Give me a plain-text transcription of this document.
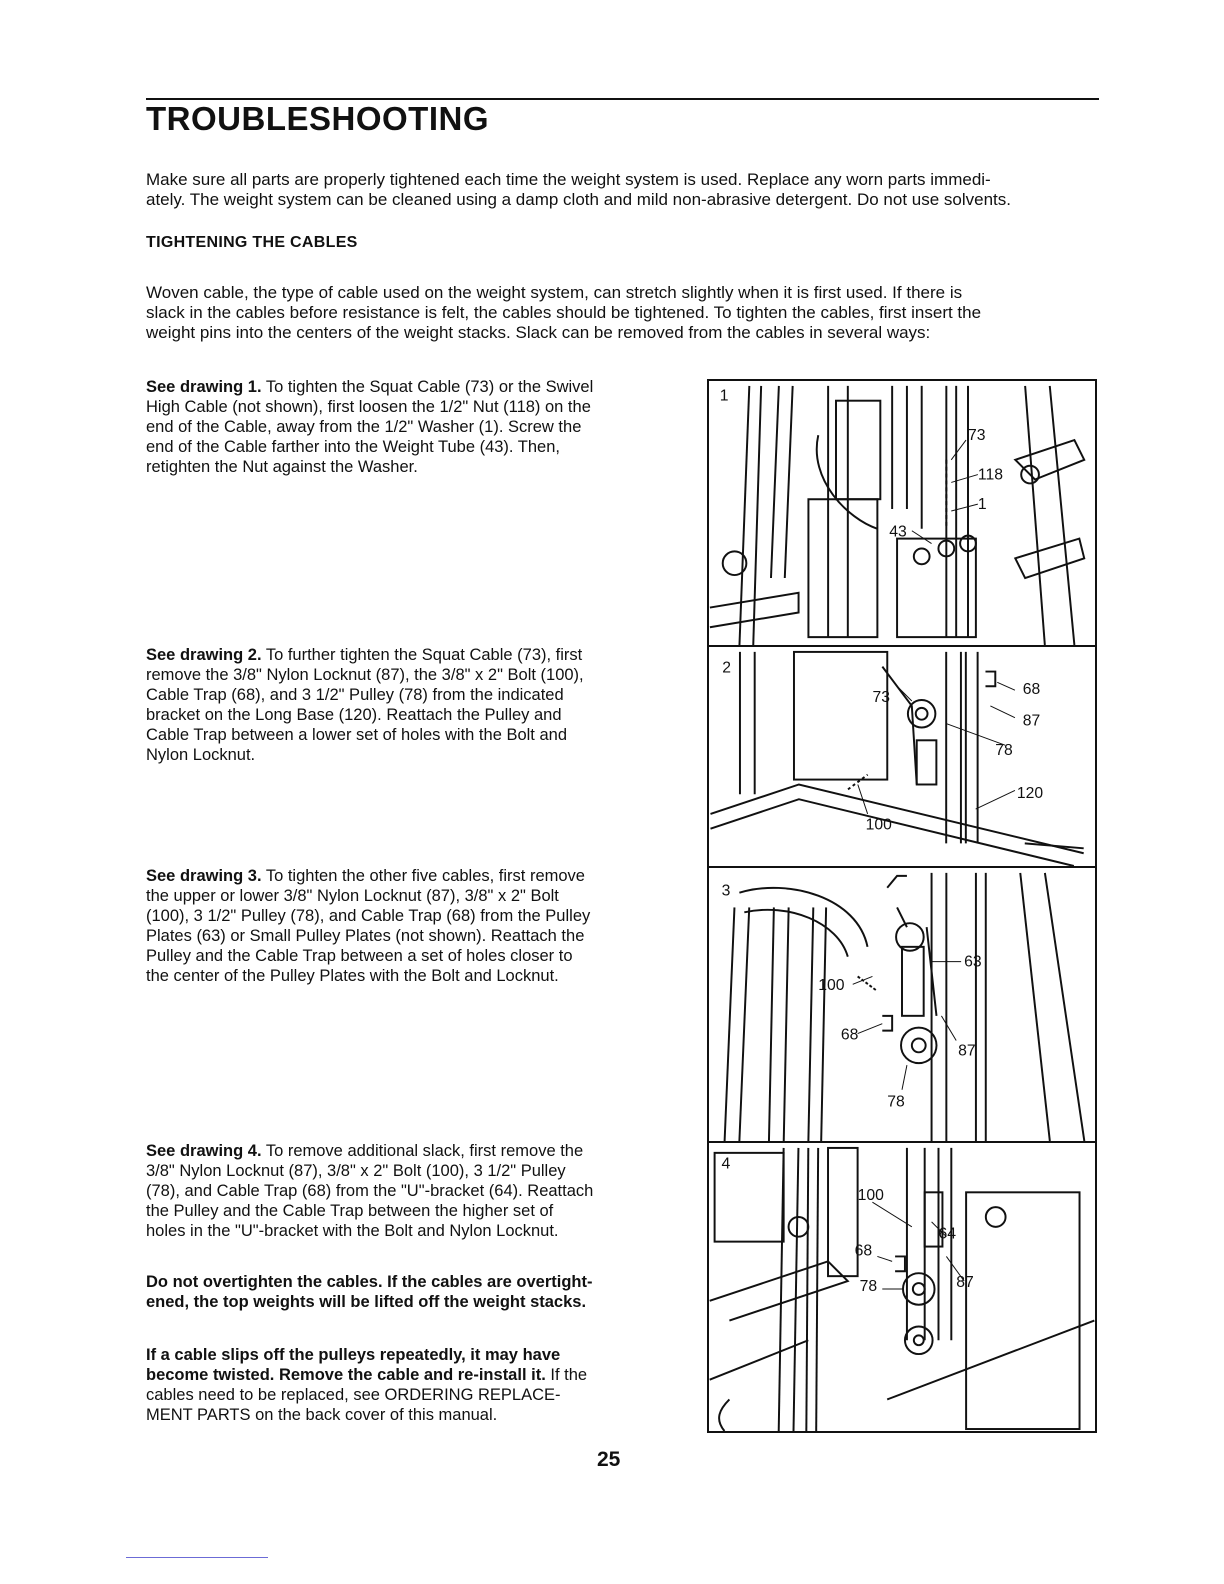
TROUBLESHOOTING

Make sure all parts are properly tightened each time the weight system is used. Replace any worn parts immedi-

ately. The weight system can be cleaned using a damp cloth and mild non-abrasive detergent. Do not use solvents.

TIGHTENING THE CABLES

Woven cable, the type of cable used on the weight system, can stretch slightly when it is first used. If there is

slack in the cables before resistance is felt, the cables should be tightened. To tighten the cables, first insert the

weight pins into the centers of the weight stacks. Slack can be removed from the cables in several ways:

See drawing 1. To tighten the Squat Cable (73) or the Swivel
High Cable (not shown), first loosen the 1/2" Nut (118) on the
end of the Cable, away from the 1/2" Washer (1). Screw the
end of the Cable farther into the Weight Tube (43). Then,
retighten the Nut against the Washer.
See drawing 2. To further tighten the Squat Cable (73), first
remove the 3/8" Nylon Locknut (87), the 3/8" x 2" Bolt (100),
Cable Trap (68), and 3 1/2" Pulley (78) from the indicated
bracket on the Long Base (120). Reattach the Pulley and
Cable Trap between a lower set of holes with the Bolt and
Nylon Locknut.
See drawing 3. To tighten the other five cables, first remove
the upper or lower 3/8" Nylon Locknut (87), 3/8" x 2" Bolt
(100), 3 1/2" Pulley (78), and Cable Trap (68) from the Pulley
Plates (63) or Small Pulley Plates (not shown). Reattach the
Pulley and the Cable Trap between a set of holes closer to
the center of the Pulley Plates with the Bolt and Locknut.
See drawing 4. To remove additional slack, first remove the
3/8" Nylon Locknut (87), 3/8" x 2" Bolt (100), 3 1/2" Pulley
(78), and Cable Trap (68) from the "U"-bracket (64). Reattach
the Pulley and the Cable Trap between the higher set of
holes in the "U"-bracket with the Bolt and Nylon Locknut.
Do not overtighten the cables. If the cables are overtight-
ened, the top weights will be lifted off the weight stacks.
If a cable slips off the pulleys repeatedly, it may have
become twisted. Remove the cable and re-install it. If the
cables need to be replaced, see ORDERING REPLACE-
MENT PARTS on the back cover of this manual.
1
73
118
1
43
2
68
87
73
78
120
100
3
63
100
68
87
78
4
100
64
68
78	87

25
